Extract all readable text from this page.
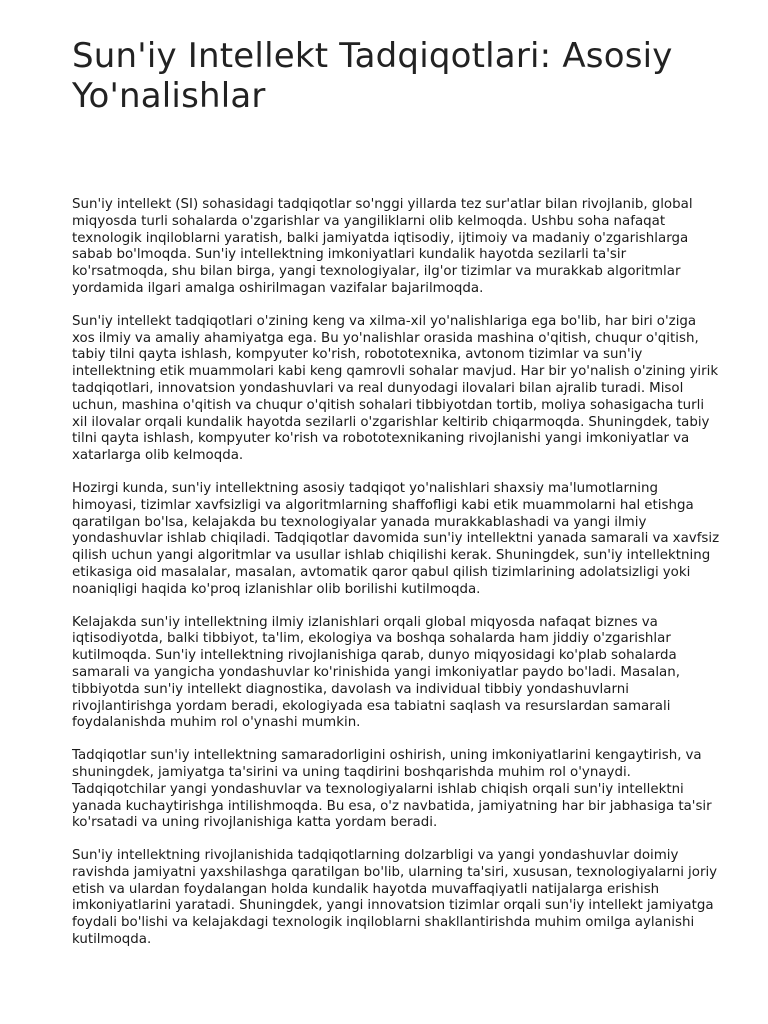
Sun'iy Intellekt Tadqiqotlari: Asosiy Yo'nalishlar

Sun'iy intellekt (SI) sohasidagi tadqiqotlar so'nggi yillarda tez sur'atlar bilan rivojlanib, global miqyosda turli sohalarda o'zgarishlar va yangiliklarni olib kelmoqda. Ushbu soha nafaqat texnologik inqiloblarni yaratish, balki jamiyatda iqtisodiy, ijtimoiy va madaniy o'zgarishlarga sabab bo'lmoqda. Sun'iy intellektning imkoniyatlari kundalik hayotda sezilarli ta'sir ko'rsatmoqda, shu bilan birga, yangi texnologiyalar, ilg'or tizimlar va murakkab algoritmlar yordamida ilgari amalga oshirilmagan vazifalar bajarilmoqda.

Sun'iy intellekt tadqiqotlari o'zining keng va xilma-xil yo'nalishlariga ega bo'lib, har biri o'ziga xos ilmiy va amaliy ahamiyatga ega. Bu yo'nalishlar orasida mashina o'qitish, chuqur o'qitish, tabiy tilni qayta ishlash, kompyuter ko'rish, robototexnika, avtonom tizimlar va sun'iy intellektning etik muammolari kabi keng qamrovli sohalar mavjud. Har bir yo'nalish o'zining yirik tadqiqotlari, innovatsion yondashuvlari va real dunyodagi ilovalari bilan ajralib turadi. Misol uchun, mashina o'qitish va chuqur o'qitish sohalari tibbiyotdan tortib, moliya sohasigacha turli xil ilovalar orqali kundalik hayotda sezilarli o'zgarishlar keltirib chiqarmoqda. Shuningdek, tabiy tilni qayta ishlash, kompyuter ko'rish va robototexnikaning rivojlanishi yangi imkoniyatlar va xatarlarga olib kelmoqda.

Hozirgi kunda, sun'iy intellektning asosiy tadqiqot yo'nalishlari shaxsiy ma'lumotlarning himoyasi, tizimlar xavfsizligi va algoritmlarning shaffofligi kabi etik muammolarni hal etishga qaratilgan bo'lsa, kelajakda bu texnologiyalar yanada murakkablashadi va yangi ilmiy yondashuvlar ishlab chiqiladi. Tadqiqotlar davomida sun'iy intellektni yanada samarali va xavfsiz qilish uchun yangi algoritmlar va usullar ishlab chiqilishi kerak. Shuningdek, sun'iy intellektning etikasiga oid masalalar, masalan, avtomatik qaror qabul qilish tizimlarining adolatsizligi yoki noaniqligi haqida ko'proq izlanishlar olib borilishi kutilmoqda.

Kelajakda sun'iy intellektning ilmiy izlanishlari orqali global miqyosda nafaqat biznes va iqtisodiyotda, balki tibbiyot, ta'lim, ekologiya va boshqa sohalarda ham jiddiy o'zgarishlar kutilmoqda. Sun'iy intellektning rivojlanishiga qarab, dunyo miqyosidagi ko'plab sohalarda samarali va yangicha yondashuvlar ko'rinishida yangi imkoniyatlar paydo bo'ladi. Masalan, tibbiyotda sun'iy intellekt diagnostika, davolash va individual tibbiy yondashuvlarni rivojlantirishga yordam beradi, ekologiyada esa tabiatni saqlash va resurslardan samarali foydalanishda muhim rol o'ynashi mumkin.

Tadqiqotlar sun'iy intellektning samaradorligini oshirish, uning imkoniyatlarini kengaytirish, va shuningdek, jamiyatga ta'sirini va uning taqdirini boshqarishda muhim rol o'ynaydi. Tadqiqotchilar yangi yondashuvlar va texnologiyalarni ishlab chiqish orqali sun'iy intellektni yanada kuchaytirishga intilishmoqda. Bu esa, o'z navbatida, jamiyatning har bir jabhasiga ta'sir ko'rsatadi va uning rivojlanishiga katta yordam beradi.

Sun'iy intellektning rivojlanishida tadqiqotlarning dolzarbligi va yangi yondashuvlar doimiy ravishda jamiyatni yaxshilashga qaratilgan bo'lib, ularning ta'siri, xususan, texnologiyalarni joriy etish va ulardan foydalangan holda kundalik hayotda muvaffaqiyatli natijalarga erishish imkoniyatlarini yaratadi. Shuningdek, yangi innovatsion tizimlar orqali sun'iy intellekt jamiyatga foydali bo'lishi va kelajakdagi texnologik inqiloblarni shakllantirishda muhim omilga aylanishi kutilmoqda.
